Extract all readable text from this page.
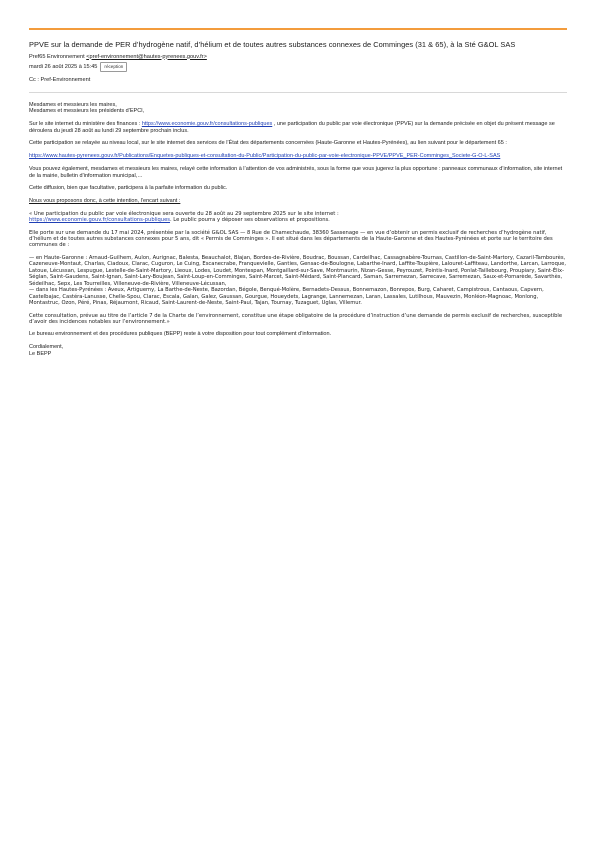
PPVE sur la demande de PER d’hydrogène natif, d’hélium et de toutes autres substances connexes de Comminges (31 & 65), à la Sté G&OL SAS
Pref65 Environnement <pref-environnement@hautes-pyrenees.gouv.fr>
mardi 26 août 2025 à 15:45	réception
Cc : Pref-Environnement

Mesdames et messieurs les maires,
Mesdames et messieurs les présidents d’EPCI,

Sur le site internet du ministère des finances : https://www.economie.gouv.fr/consultations-publiques , une participation du public par voie électronique (PPVE) sur la demande précisée en objet du présent message se déroulera du jeudi 28 août au lundi 29 septembre prochain inclus.

Cette participation se relayée au niveau local, sur le site internet des services de l’État des départements concernées (Haute-Garonne et Hautes-Pyrénées), au lien suivant pour le département 65 :

https://www.hautes-pyrenees.gouv.fr/Publications/Enquetes-publiques-et-consultation-du-Public/Participation-du-public-par-voie-electronique-PPVE/PPVE_PER-Comminges_Societe-G-O-L-SAS

Vous pouvez également, mesdames et messieurs les maires, relayé cette information à l’attention de vos administrés, sous la forme que vous jugerez la plus opportune : panneaux communaux d’information, site internet de la mairie, bulletin d’information municipal,…

Cette diffusion, bien que facultative, participera à la parfaite information du public.

Nous vous proposons donc, à cette intention, l’encart suivant :

« Une participation du public par voie électronique sera ouverte du 28 août au 29 septembre 2025 sur le site internet :
https://www.economie.gouv.fr/consultations-publiques. Le public pourra y déposer ses observations et propositions.

Elle porte sur une demande du 17 mai 2024, présentée par la société G&OL SAS — 8 Rue de Chamechaude, 38360 Sassenage — en vue d’obtenir un permis exclusif de recherches d’hydrogène natif, d’hélium et de toutes autres substances connexes pour 5 ans, dit « Permis de Comminges ». Il est situé dans les départements de la Haute-Garonne et des Hautes-Pyrénées et porte sur le territoire des communes de :

— en Haute-Garonne : Arnaud-Guilhem, Aulon, Aurignac, Balesta, Beauchalot, Blajan, Bordes-de-Rivière, Boudrac, Boussan, Cardeilhac, Cassagnabère-Tournas, Castillon-de-Saint-Martory, Cazaril-Tambourès, Cazeneuve-Montaut, Charlas, Ciadoux, Clarac, Cuguron, Le Cuing, Escanecrabe, Franquevielle, Ganties, Gensac-de-Boulogne, Labarthe-Inard, Laffite-Toupière, Lalouret-Laffiteau, Landorthe, Larcan, Larroque, Latoue, Lécussan, Lespugue, Lestelle-de-Saint-Martory, Lieoux, Lodes, Loudet, Montespan, Montgaillard-sur-Save, Montmaurin, Nizan-Gesse, Peyrouzet, Pointis-Inard, Ponlat-Taillebourg, Proupiary, Saint-Élix-Séglan, Saint-Gaudens, Saint-Ignan, Saint-Lary-Boujean, Saint-Loup-en-Comminges, Saint-Marcet, Saint-Médard, Saint-Plancard, Saman, Sarremezan, Sarrecave, Sarremezan, Saux-et-Pomarède, Savarthès, Sédeilhac, Sepx, Les Tourreilles, Villeneuve-de-Rivière, Villeneuve-Lécussan,
— dans les Hautes-Pyrénées : Aveux, Artiguemy, La Barthe-de-Neste, Bazordan, Bégole, Benqué-Molère, Bernadets-Dessus, Bonnemazon, Bonrepos, Burg, Caharet, Campistrous, Cantaous, Capvern, Castelbajac, Castéra-Lanusse, Chelle-Spou, Clarac, Escala, Galan, Galez, Gaussan, Gourgue, Houeydets, Lagrange, Lannemezan, Laran, Lassales, Lutilhous, Mauvezin, Monléon-Magnoac, Monlong, Montastruc, Ozon, Péré, Pinas, Réjaumont, Ricaud, Saint-Laurent-de-Neste, Saint-Paul, Tajan, Tournay, Tuzaguet, Uglas, Villemur.

Cette consultation, prévue au titre de l’article 7 de la Charte de l’environnement, constitue une étape obligatoire de la procédure d’instruction d’une demande de permis exclusif de recherches, susceptible d’avoir des incidences notables sur l’environnement.»

Le bureau environnement et des procédures publiques (BEPP) reste à votre disposition pour tout complément d’information.

Cordialement,
Le BEPP
